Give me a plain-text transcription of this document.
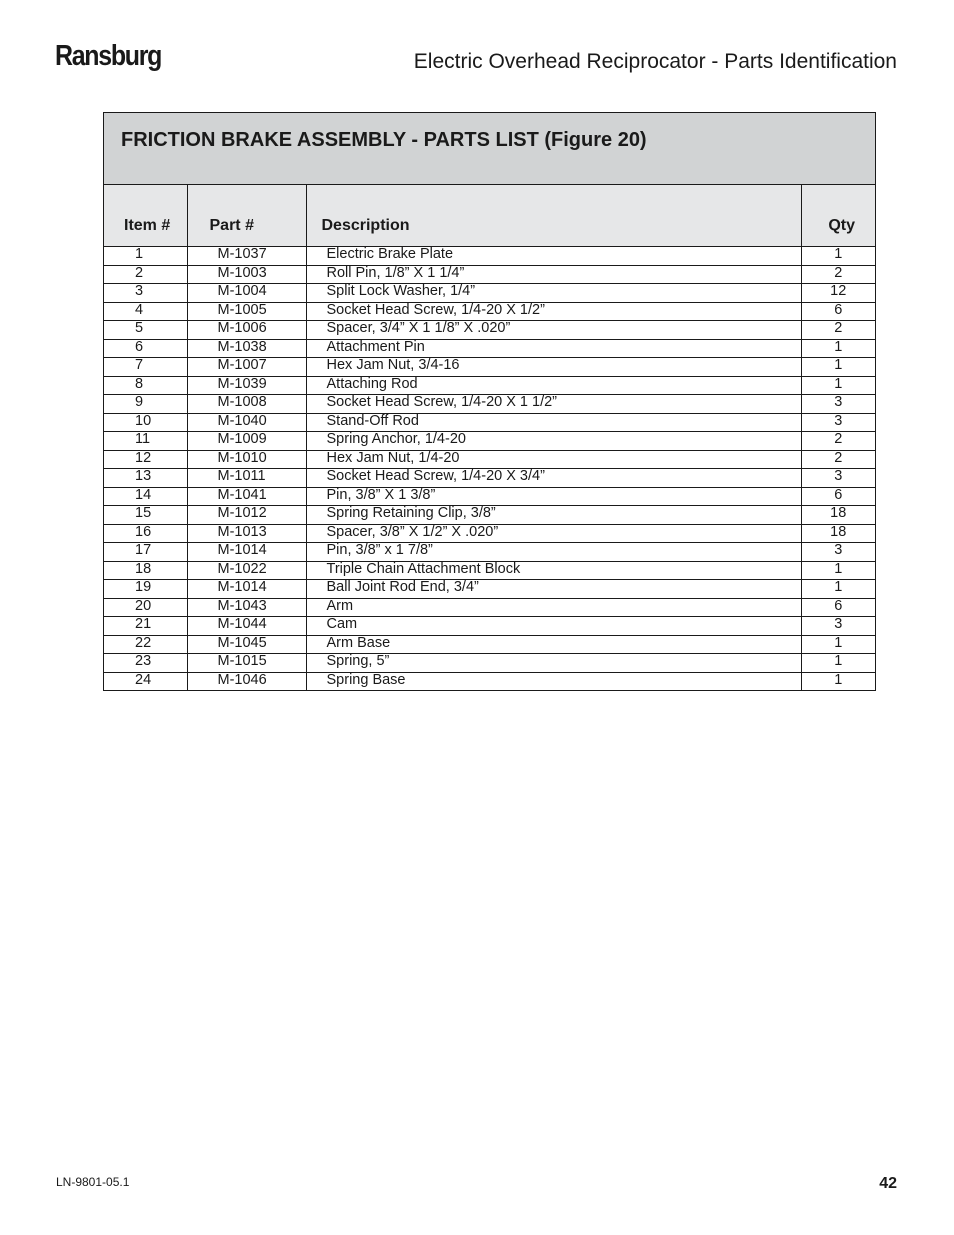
Ransburg	Electric Overhead Reciprocator - Parts Identification
FRICTION BRAKE ASSEMBLY - PARTS LIST (Figure 20)
Item #	Part #	Description	Qty
1	M-1037	Electric Brake Plate	1
2	M-1003	Roll Pin, 1/8” X 1 1/4”	2
3	M-1004	Split Lock Washer, 1/4”	12
4	M-1005	Socket Head Screw, 1/4-20 X 1/2”	6
5	M-1006	Spacer, 3/4” X 1 1/8” X .020”	2
6	M-1038	Attachment Pin	1
7	M-1007	Hex Jam Nut, 3/4-16	1
8	M-1039	Attaching Rod	1
9	M-1008	Socket Head Screw, 1/4-20 X 1 1/2”	3
10	M-1040	Stand-Off Rod	3
11	M-1009	Spring Anchor, 1/4-20	2
12	M-1010	Hex Jam Nut, 1/4-20	2
13	M-1011	Socket Head Screw, 1/4-20 X 3/4”	3
14	M-1041	Pin, 3/8” X 1 3/8”	6
15	M-1012	Spring Retaining Clip, 3/8”	18
16	M-1013	Spacer, 3/8” X 1/2” X .020”	18
17	M-1014	Pin, 3/8” x 1 7/8”	3
18	M-1022	Triple Chain Attachment Block	1
19	M-1014	Ball Joint Rod End, 3/4”	1
20	M-1043	Arm	6
21	M-1044	Cam	3
22	M-1045	Arm Base	1
23	M-1015	Spring, 5”	1
24	M-1046	Spring Base	1
LN-9801-05.1	42
